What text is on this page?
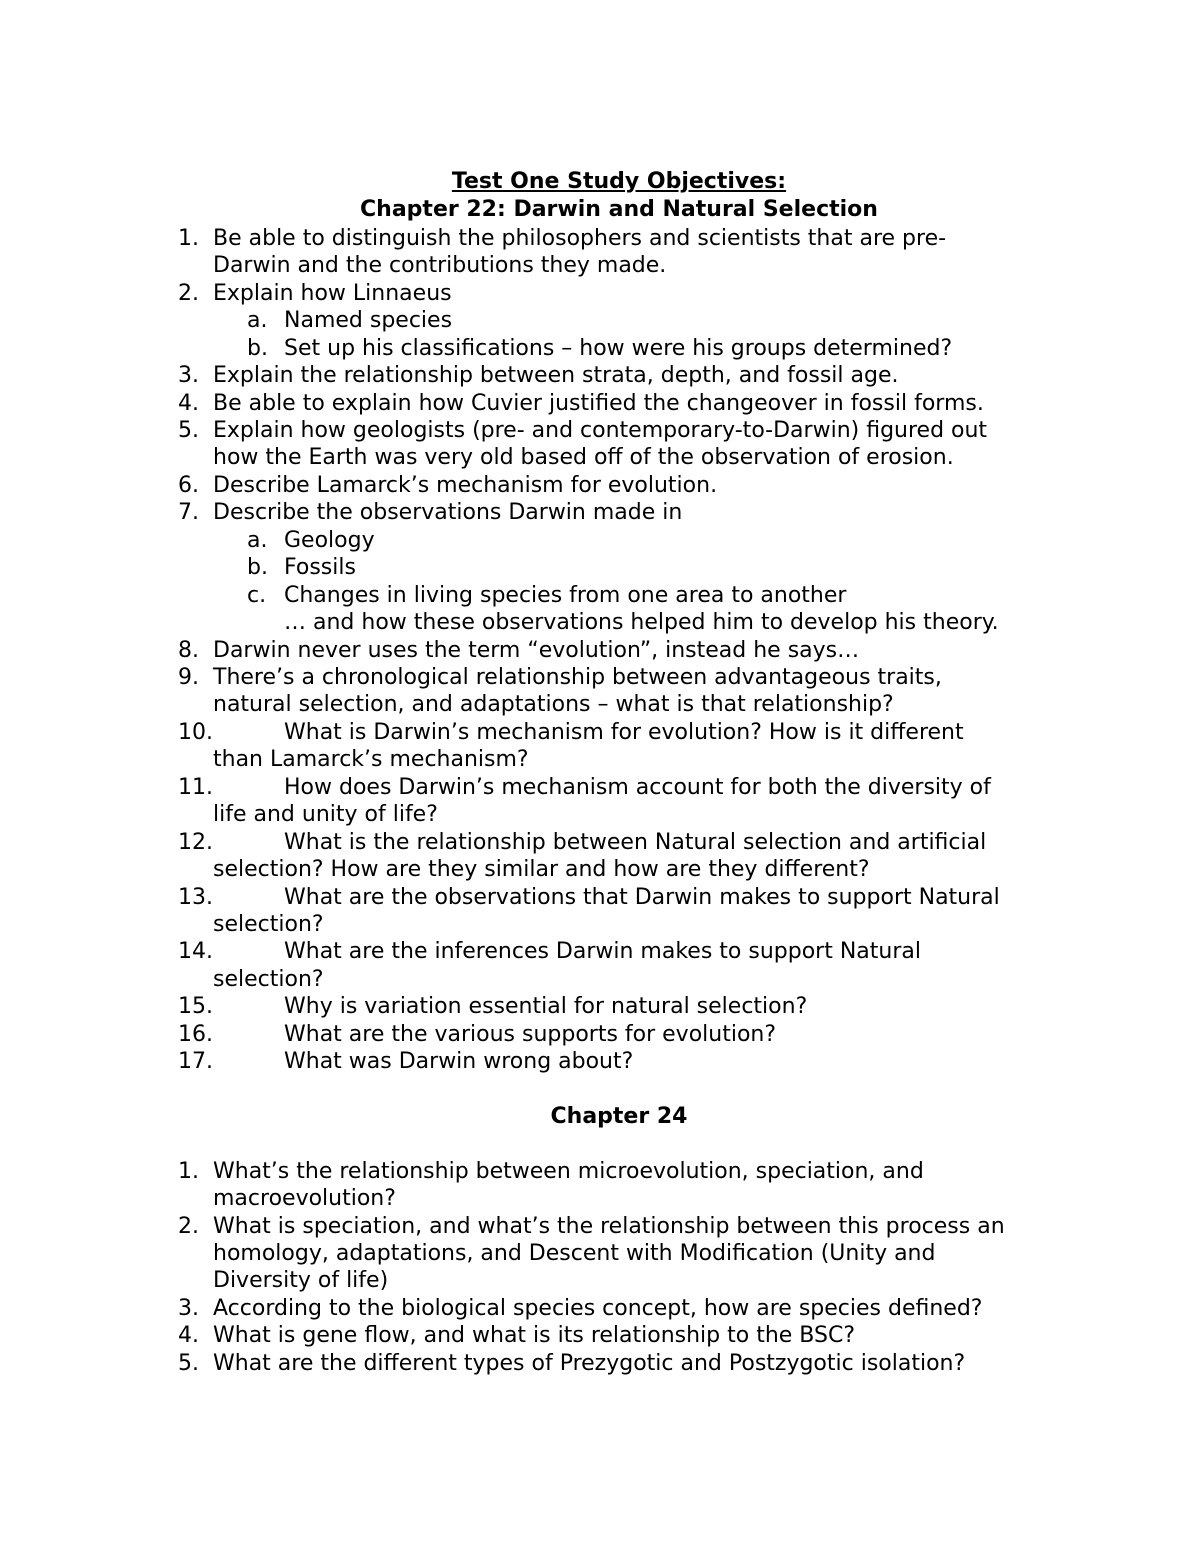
Test One Study Objectives:
Chapter 22: Darwin and Natural Selection
1. Be able to distinguish the philosophers and scientists that are pre-
Darwin and the contributions they made.
2. Explain how Linnaeus
a. Named species
b. Set up his classifications – how were his groups determined?
3. Explain the relationship between strata, depth, and fossil age.
4. Be able to explain how Cuvier justified the changeover in fossil forms.
5. Explain how geologists (pre- and contemporary-to-Darwin) figured out
how the Earth was very old based off of the observation of erosion.
6. Describe Lamarck’s mechanism for evolution.
7. Describe the observations Darwin made in
a. Geology
b. Fossils
c. Changes in living species from one area to another
… and how these observations helped him to develop his theory.
8. Darwin never uses the term “evolution”, instead he says…
9. There’s a chronological relationship between advantageous traits,
natural selection, and adaptations – what is that relationship?
10.	What is Darwin’s mechanism for evolution? How is it different
than Lamarck’s mechanism?
11.	How does Darwin’s mechanism account for both the diversity of
life and unity of life?
12.	What is the relationship between Natural selection and artificial
selection? How are they similar and how are they different?
13.	What are the observations that Darwin makes to support Natural
selection?
14.	What are the inferences Darwin makes to support Natural
selection?
15.	Why is variation essential for natural selection?
16.	What are the various supports for evolution?
17.	What was Darwin wrong about?
Chapter 24
1. What’s the relationship between microevolution, speciation, and
macroevolution?
2. What is speciation, and what’s the relationship between this process an
homology, adaptations, and Descent with Modification (Unity and
Diversity of life)
3. According to the biological species concept, how are species defined?
4. What is gene flow, and what is its relationship to the BSC?
5. What are the different types of Prezygotic and Postzygotic isolation?
